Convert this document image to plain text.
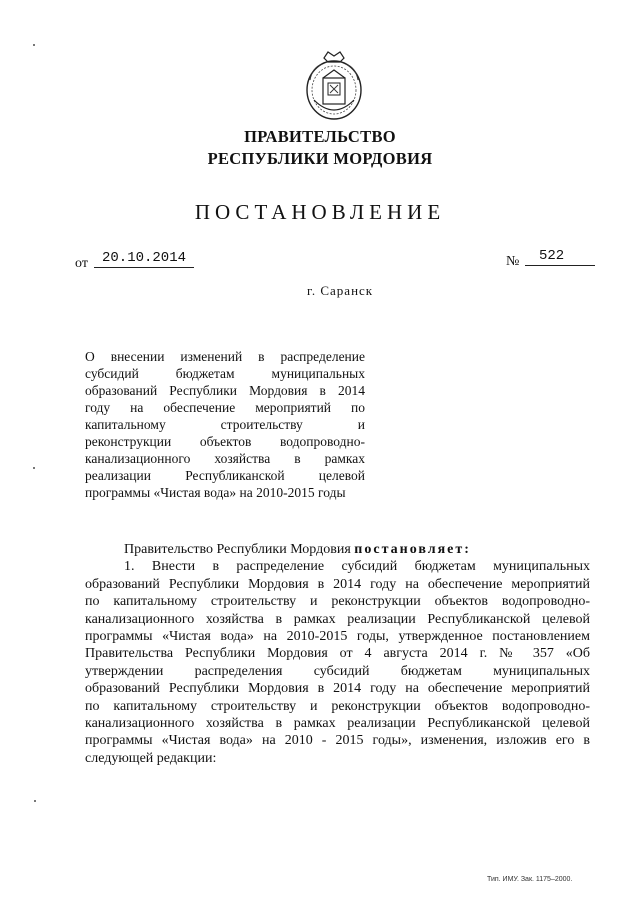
ПРАВИТЕЛЬСТВО
РЕСПУБЛИКИ МОРДОВИЯ
ПОСТАНОВЛЕНИЕ
от	20.10.2014	№	522
г. Саранск
О внесении изменений в распределение
субсидий бюджетам муниципальных
образований Республики Мордовия в 2014
году на обеспечение мероприятий по
капитальному строительству и
реконструкции объектов водопроводно-
канализационного хозяйства в рамках
реализации Республиканской целевой
программы «Чистая вода» на 2010-2015 годы
Правительство Республики Мордовия постановляет:
1. Внести в распределение субсидий бюджетам муниципальных
образований Республики Мордовия в 2014 году на обеспечение мероприятий
по капитальному строительству и реконструкции объектов водопроводно-
канализационного хозяйства в рамках реализации Республиканской целевой
программы «Чистая вода» на 2010-2015 годы, утвержденное постановлением
Правительства Республики Мордовия от 4 августа 2014 г. № 357 «Об
утверждении распределения субсидий бюджетам муниципальных
образований Республики Мордовия в 2014 году на обеспечение мероприятий
по капитальному строительству и реконструкции объектов водопроводно-
канализационного хозяйства в рамках реализации Республиканской целевой
программы «Чистая вода» на 2010 - 2015 годы», изменения, изложив его в
следующей редакции:
Тип. ИМУ. Зак. 1175–2000.
